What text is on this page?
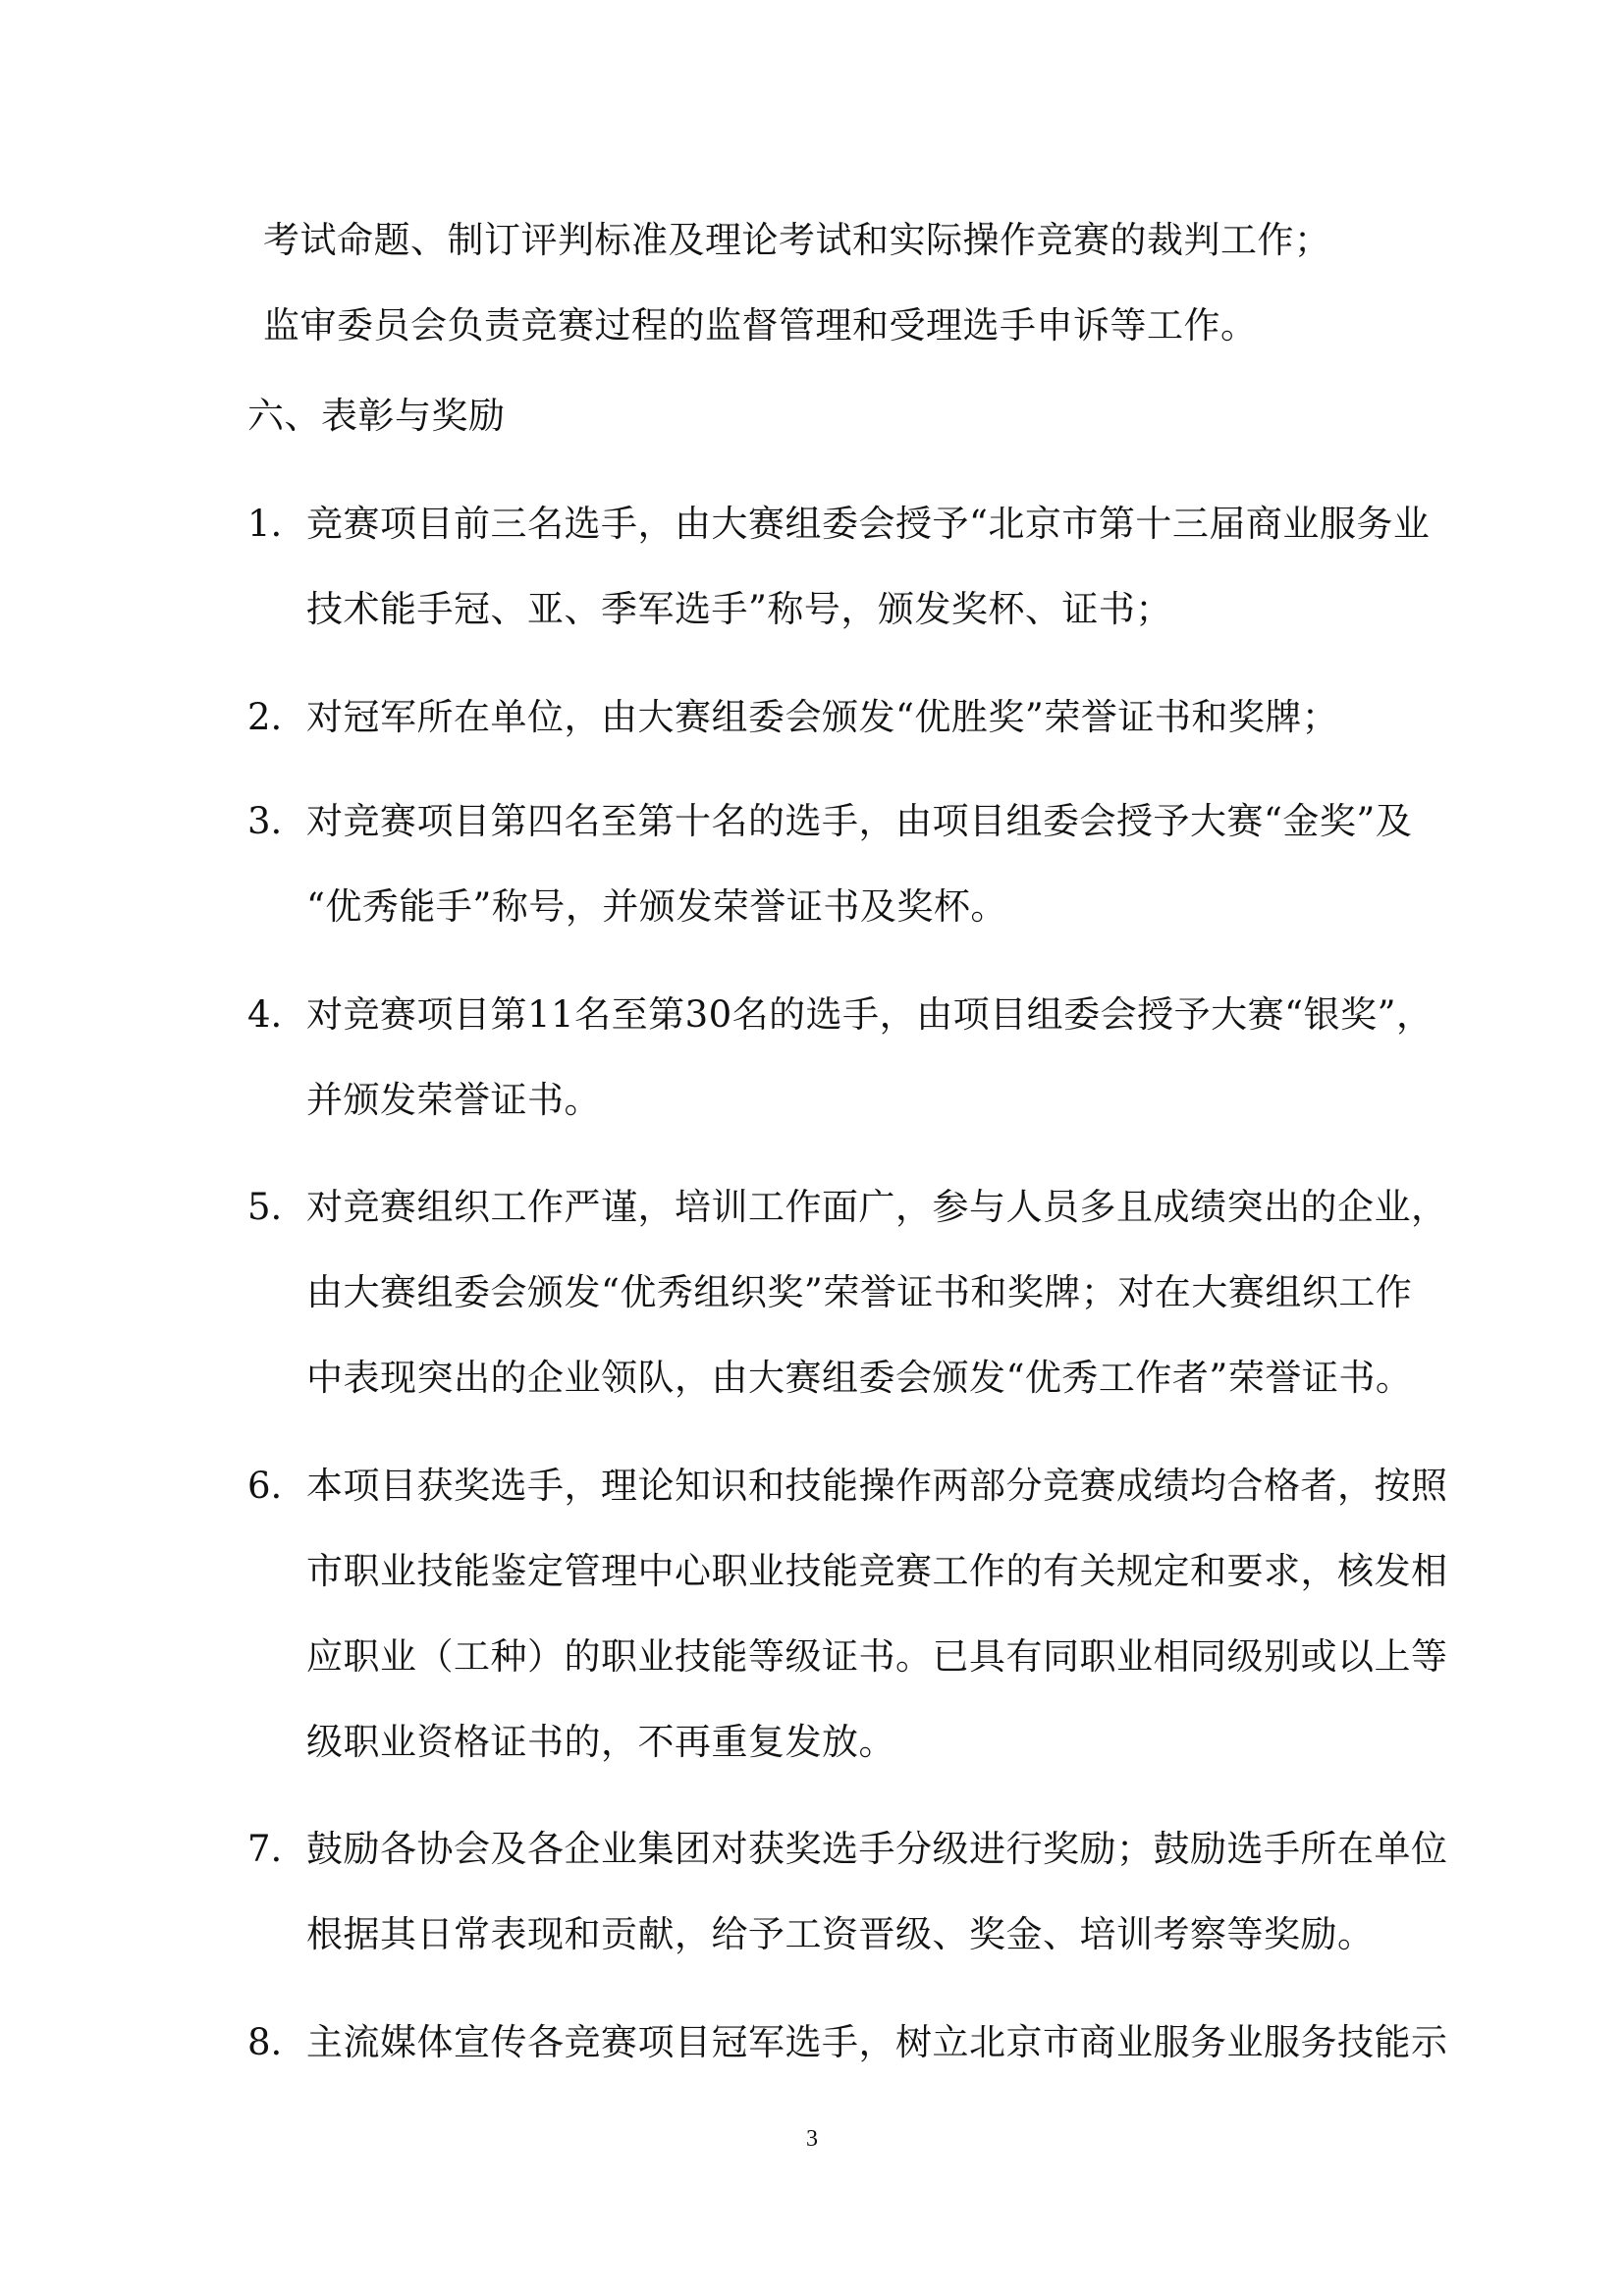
考试命题、制订评判标准及理论考试和实际操作竞赛的裁判工作；
监审委员会负责竞赛过程的监督管理和受理选手申诉等工作。
六、表彰与奖励
1. 竞赛项目前三名选手，由大赛组委会授予“北京市第十三届商业服务业
技术能手冠、亚、季军选手”称号，颁发奖杯、证书；
2. 对冠军所在单位，由大赛组委会颁发“优胜奖”荣誉证书和奖牌；
3. 对竞赛项目第四名至第十名的选手，由项目组委会授予大赛“金奖”及
“优秀能手”称号，并颁发荣誉证书及奖杯。
4. 对竞赛项目第11名至第30名的选手，由项目组委会授予大赛“银奖”，
并颁发荣誉证书。
5. 对竞赛组织工作严谨，培训工作面广，参与人员多且成绩突出的企业，
由大赛组委会颁发“优秀组织奖”荣誉证书和奖牌；对在大赛组织工作
中表现突出的企业领队，由大赛组委会颁发“优秀工作者”荣誉证书。
6. 本项目获奖选手，理论知识和技能操作两部分竞赛成绩均合格者，按照
市职业技能鉴定管理中心职业技能竞赛工作的有关规定和要求，核发相
应职业（工种）的职业技能等级证书。已具有同职业相同级别或以上等
级职业资格证书的，不再重复发放。
7. 鼓励各协会及各企业集团对获奖选手分级进行奖励；鼓励选手所在单位
根据其日常表现和贡献，给予工资晋级、奖金、培训考察等奖励。
8. 主流媒体宣传各竞赛项目冠军选手，树立北京市商业服务业服务技能示
3
